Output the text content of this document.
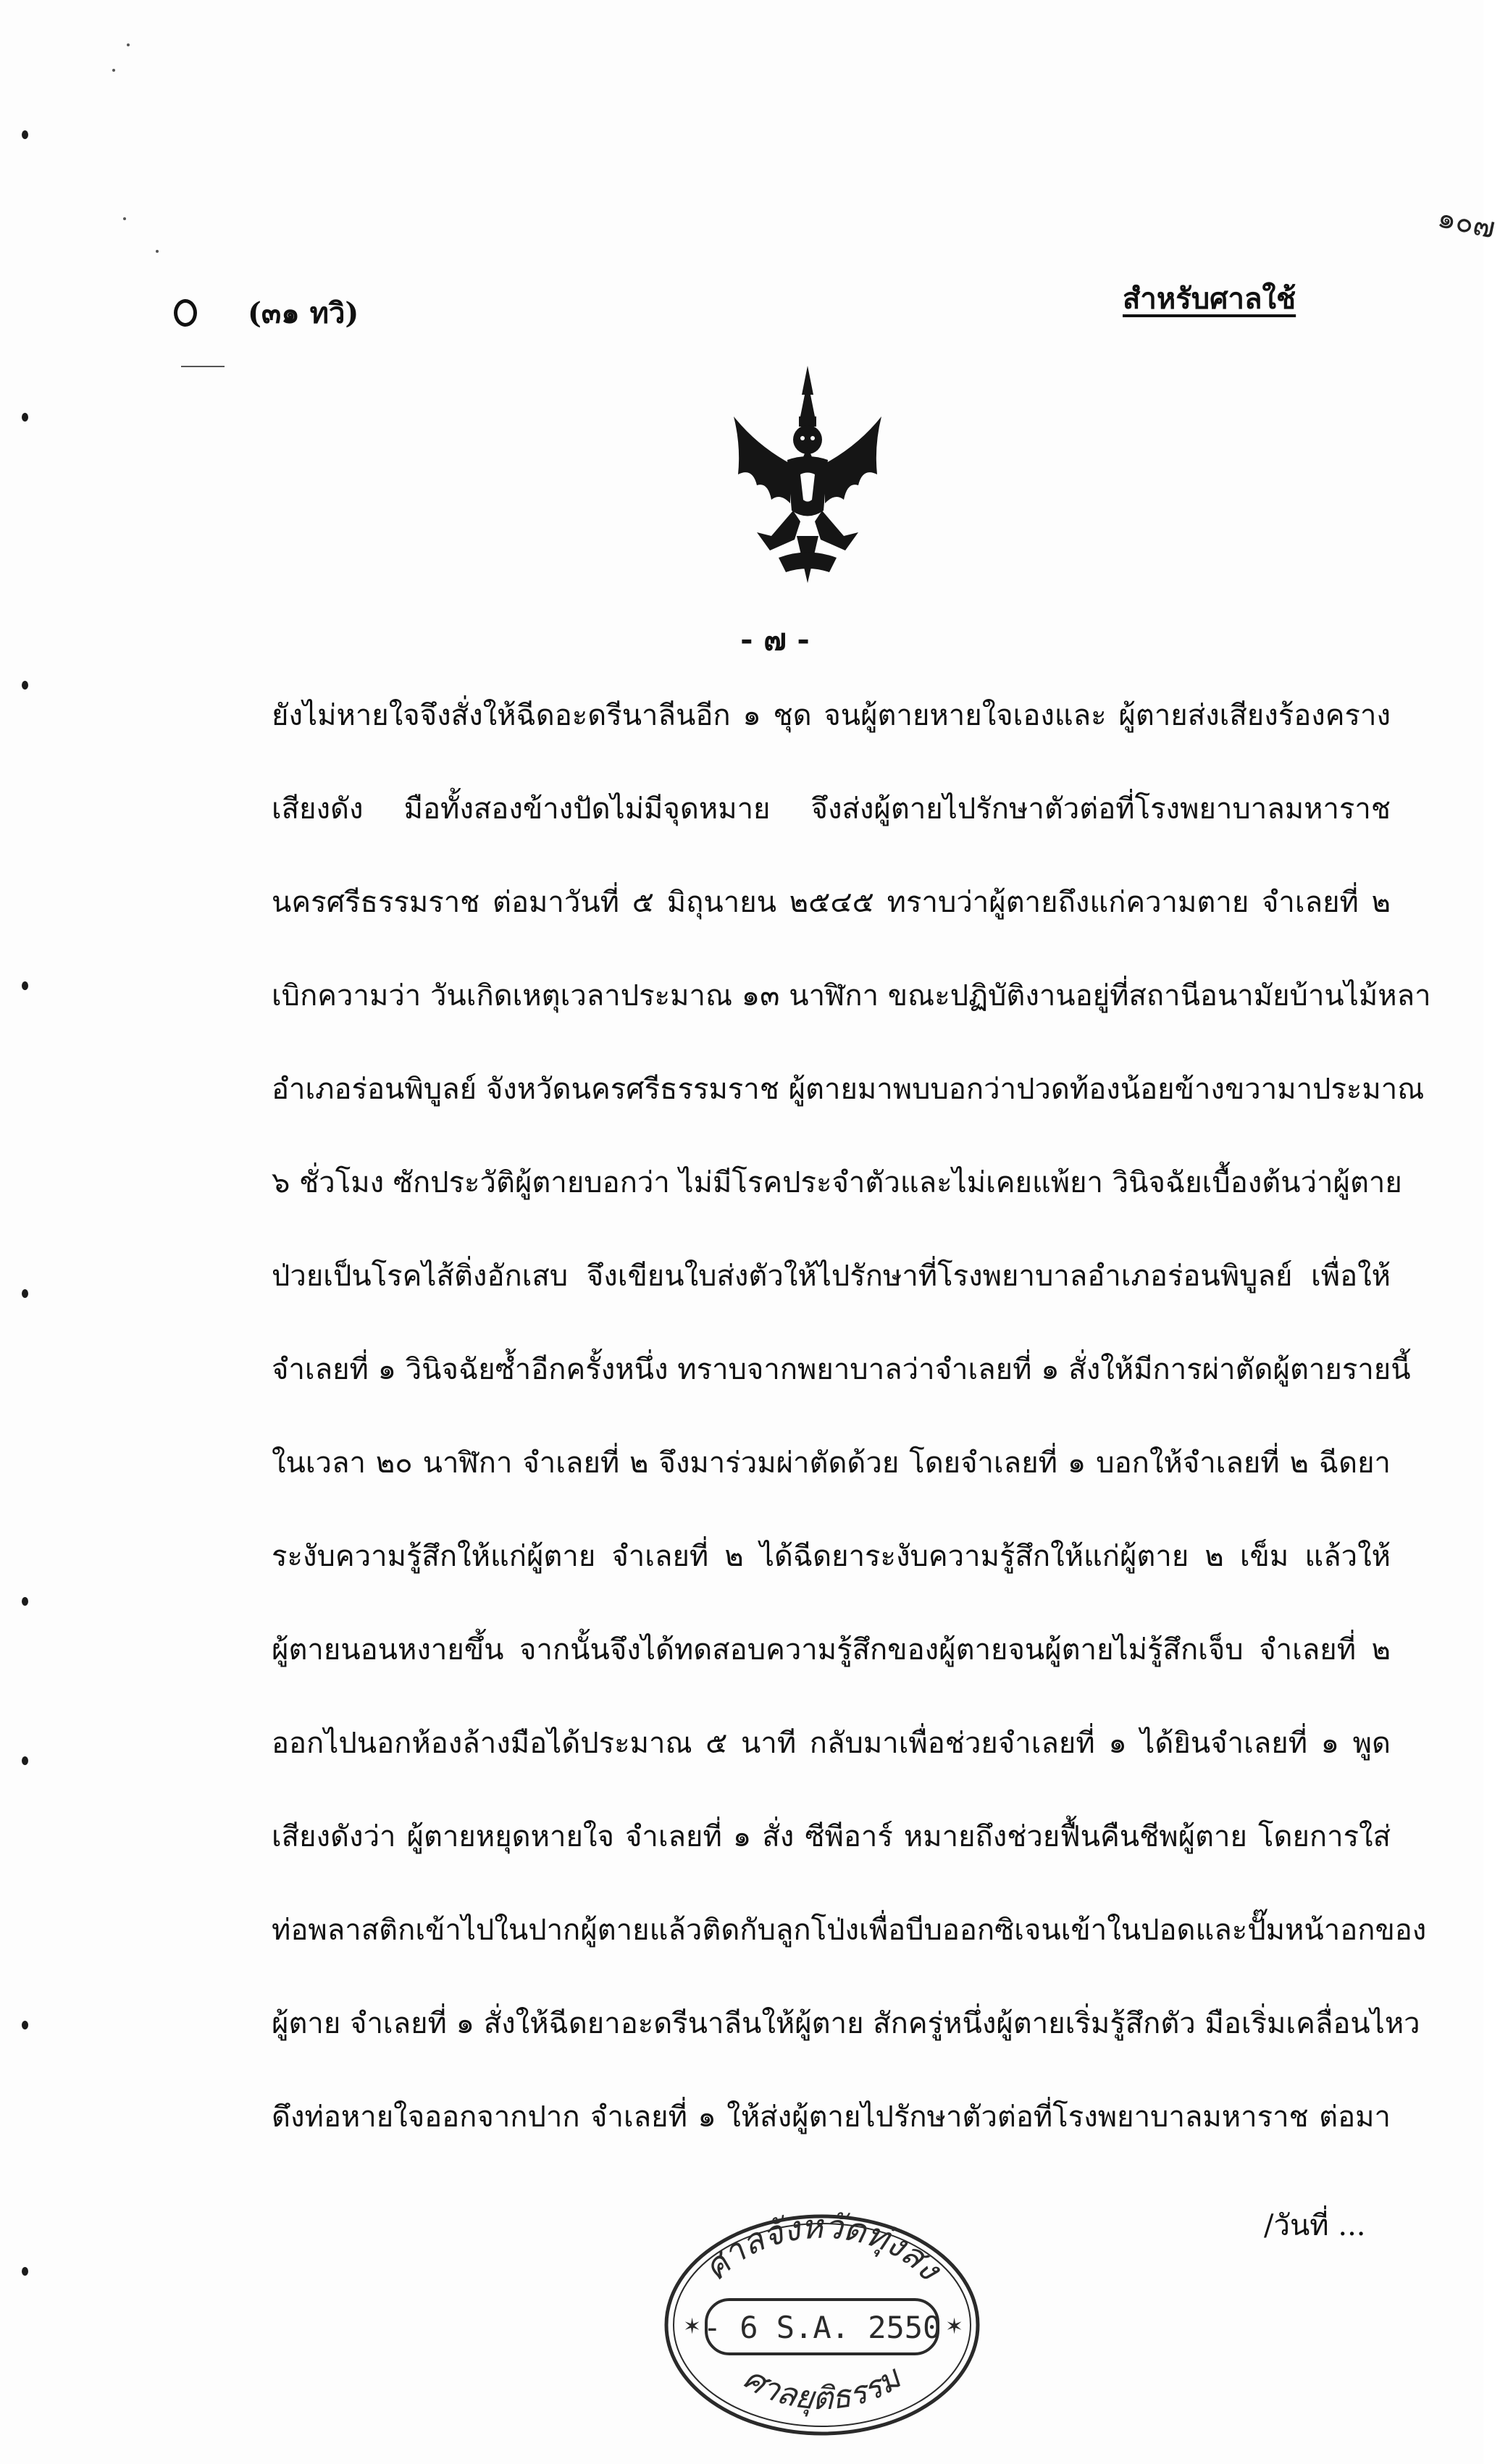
(๓๑ ทวิ)	สำหรับศาลใช้
๑๐๗
- ๗ -
ยังไม่หายใจจึงสั่งให้ฉีดอะดรีนาลีนอีก ๑ ชุด จนผู้ตายหายใจเองและ ผู้ตายส่งเสียงร้องคราง
เสียงดัง มือทั้งสองข้างปัดไม่มีจุดหมาย จึงส่งผู้ตายไปรักษาตัวต่อที่โรงพยาบาลมหาราช
นครศรีธรรมราช ต่อมาวันที่ ๕ มิถุนายน ๒๕๔๕ ทราบว่าผู้ตายถึงแก่ความตาย จำเลยที่ ๒
เบิกความว่า วันเกิดเหตุเวลาประมาณ ๑๓ นาฬิกา ขณะปฏิบัติงานอยู่ที่สถานีอนามัยบ้านไม้หลา
อำเภอร่อนพิบูลย์ จังหวัดนครศรีธรรมราช ผู้ตายมาพบบอกว่าปวดท้องน้อยข้างขวามาประมาณ
๖ ชั่วโมง ซักประวัติผู้ตายบอกว่า ไม่มีโรคประจำตัวและไม่เคยแพ้ยา วินิจฉัยเบื้องต้นว่าผู้ตาย
ป่วยเป็นโรคไส้ติ่งอักเสบ จึงเขียนใบส่งตัวให้ไปรักษาที่โรงพยาบาลอำเภอร่อนพิบูลย์ เพื่อให้
จำเลยที่ ๑ วินิจฉัยซ้ำอีกครั้งหนึ่ง ทราบจากพยาบาลว่าจำเลยที่ ๑ สั่งให้มีการผ่าตัดผู้ตายรายนี้
ในเวลา ๒๐ นาฬิกา จำเลยที่ ๒ จึงมาร่วมผ่าตัดด้วย โดยจำเลยที่ ๑ บอกให้จำเลยที่ ๒ ฉีดยา
ระงับความรู้สึกให้แก่ผู้ตาย จำเลยที่ ๒ ได้ฉีดยาระงับความรู้สึกให้แก่ผู้ตาย ๒ เข็ม แล้วให้
ผู้ตายนอนหงายขึ้น จากนั้นจึงได้ทดสอบความรู้สึกของผู้ตายจนผู้ตายไม่รู้สึกเจ็บ จำเลยที่ ๒
ออกไปนอกห้องล้างมือได้ประมาณ ๕ นาที กลับมาเพื่อช่วยจำเลยที่ ๑ ได้ยินจำเลยที่ ๑ พูด
เสียงดังว่า ผู้ตายหยุดหายใจ จำเลยที่ ๑ สั่ง ซีพีอาร์ หมายถึงช่วยฟื้นคืนชีพผู้ตาย โดยการใส่
ท่อพลาสติกเข้าไปในปากผู้ตายแล้วติดกับลูกโป่งเพื่อบีบออกซิเจนเข้าในปอดและปั๊มหน้าอกของ
ผู้ตาย จำเลยที่ ๑ สั่งให้ฉีดยาอะดรีนาลีนให้ผู้ตาย สักครู่หนึ่งผู้ตายเริ่มรู้สึกตัว มือเริ่มเคลื่อนไหว
ดึงท่อหายใจออกจากปาก จำเลยที่ ๑ ให้ส่งผู้ตายไปรักษาตัวต่อที่โรงพยาบาลมหาราช ต่อมา
/วันที่ ...
ศาลจังหวัดทุ่งสง
- 6 S.A. 2550
ศาลยุติธรรม
✶	✶
